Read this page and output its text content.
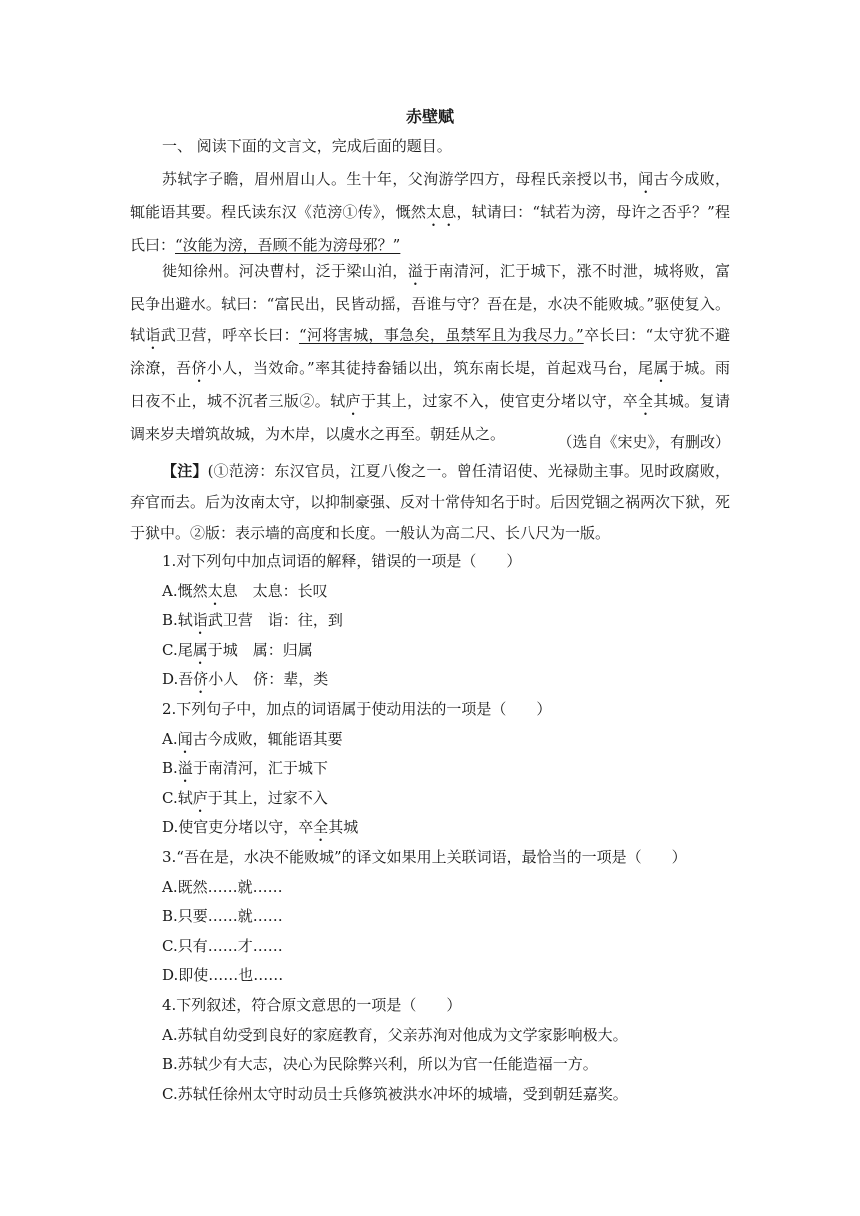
赤壁赋
一、 阅读下面的文言文，完成后面的题目。
苏轼字子瞻，眉州眉山人。生十年，父洵游学四方，母程氏亲授以书，闻古今成败，辄能语其要。程氏读东汉《范滂①传》，慨然太息，轼请曰：“轼若为滂，母许之否乎？”程氏曰：“汝能为滂，吾顾不能为滂母邪？”
徙知徐州。河决曹村，泛于梁山泊，溢于南清河，汇于城下，涨不时泄，城将败，富民争出避水。轼曰：“富民出，民皆动摇，吾谁与守？吾在是，水决不能败城。”驱使复入。轼诣武卫营，呼卒长曰：“河将害城，事急矣，虽禁军且为我尽力。”卒长曰：“太守犹不避涂潦，吾侪小人，当效命。”率其徒持畚锸以出，筑东南长堤，首起戏马台，尾属于城。雨日夜不止，城不沉者三版②。轼庐于其上，过家不入，使官吏分堵以守，卒全其城。复请调来岁夫增筑故城，为木岸，以虞水之再至。朝廷从之。	（选自《宋史》，有删改）
【注】(①范滂：东汉官员，江夏八俊之一。曾任清诏使、光禄勋主事。见时政腐败，弃官而去。后为汝南太守，以抑制豪强、反对十常侍知名于时。后因党锢之祸两次下狱，死于狱中。②版：表示墙的高度和长度。一般认为高二尺、长八尺为一版。
1.对下列句中加点词语的解释，错误的一项是（　　）
A.慨然太息　太息：长叹
B.轼诣武卫营　诣：往，到
C.尾属于城　属：归属
D.吾侪小人　侪：辈，类
2.下列句子中，加点的词语属于使动用法的一项是（　　）
A.闻古今成败，辄能语其要
B.溢于南清河，汇于城下
C.轼庐于其上，过家不入
D.使官吏分堵以守，卒全其城
3.“吾在是，水决不能败城”的译文如果用上关联词语，最恰当的一项是（　　）
A.既然……就……
B.只要……就……
C.只有……才……
D.即使……也……
4.下列叙述，符合原文意思的一项是（　　）
A.苏轼自幼受到良好的家庭教育，父亲苏洵对他成为文学家影响极大。
B.苏轼少有大志，决心为民除弊兴利，所以为官一任能造福一方。
C.苏轼任徐州太守时动员士兵修筑被洪水冲坏的城墙，受到朝廷嘉奖。
